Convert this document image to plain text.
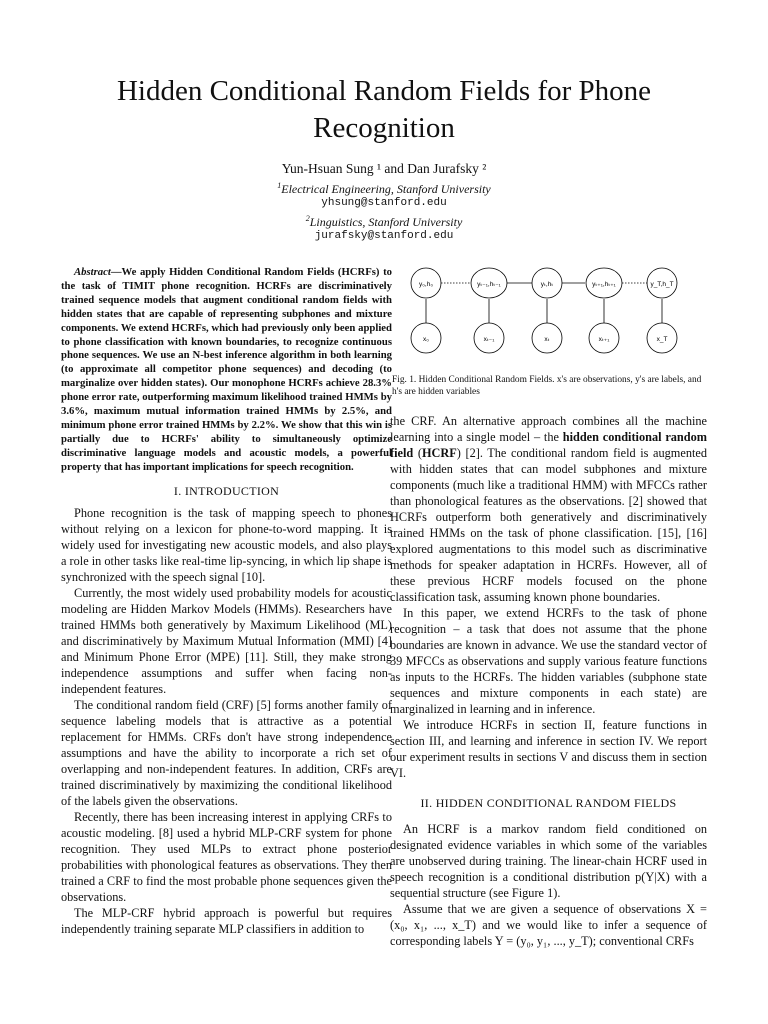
Hidden Conditional Random Fields for Phone Recognition
Yun-Hsuan Sung ¹ and Dan Jurafsky ²
$^1$Electrical Engineering, Stanford University
yhsung@stanford.edu
$^2$Linguistics, Stanford University
jurafsky@stanford.edu

Abstract—We apply Hidden Conditional Random Fields (HCRFs) to the task of TIMIT phone recognition. HCRFs are discriminatively trained sequence models that augment conditional random fields with hidden states that are capable of representing subphones and mixture components. We extend HCRFs, which had previously only been applied to phone classification with known boundaries, to recognize continuous phone sequences. We use an N-best inference algorithm in both learning (to approximate all competitor phone sequences) and decoding (to marginalize over hidden states). Our monophone HCRFs achieve 28.3% phone error rate, outperforming maximum likelihood trained HMMs by 3.6%, maximum mutual information trained HMMs by 2.5%, and minimum phone error trained HMMs by 2.2%. We show that this win is partially due to HCRFs' ability to simultaneously optimize discriminative language models and acoustic models, a powerful property that has important implications for speech recognition.

I. INTRODUCTION

Phone recognition is the task of mapping speech to phones without relying on a lexicon for phone-to-word mapping. It is widely used for investigating new acoustic models, and also plays a role in other tasks like real-time lip-syncing, in which lip shape is synchronized with the speech signal [10].

Currently, the most widely used probability models for acoustic modeling are Hidden Markov Models (HMMs). Researchers have trained HMMs both generatively by Maximum Likelihood (ML) and discriminatively by Maximum Mutual Information (MMI) [4] and Minimum Phone Error (MPE) [11]. Still, they make strong independence assumptions and suffer when facing non-independent features.

The conditional random field (CRF) [5] forms another family of sequence labeling models that is attractive as a potential replacement for HMMs. CRFs don't have strong independence assumptions and have the ability to incorporate a rich set of overlapping and non-independent features. In addition, CRFs are trained discriminatively by maximizing the conditional likelihood of the labels given the observations.

Recently, there has been increasing interest in applying CRFs to acoustic modeling. [8] used a hybrid MLP-CRF system for phone recognition. They used MLPs to extract phone posterior probabilities with phonological features as observations. They then trained a CRF to find the most probable phone sequences given the observations.

The MLP-CRF hybrid approach is powerful but requires independently training separate MLP classifiers in addition to

y₀,h₀	yₜ₋₁,hₜ₋₁	yₜ,hₜ	yₜ₊₁,hₜ₊₁	y_T,h_T
x₀	xₜ₋₁	xₜ	xₜ₊₁	x_T
Fig. 1. Hidden Conditional Random Fields. x's are observations, y's are labels, and h's are hidden variables

the CRF. An alternative approach combines all the machine learning into a single model – the hidden conditional random field (HCRF) [2]. The conditional random field is augmented with hidden states that can model subphones and mixture components (much like a traditional HMM) with MFCCs rather than phonological features as the observations. [2] showed that HCRFs outperform both generatively and discriminatively trained HMMs on the task of phone classification. [15], [16] explored augmentations to this model such as discriminative methods for speaker adaptation in HCRFs. However, all of these previous HCRF models focused on the phone classification task, assuming known phone boundaries.

In this paper, we extend HCRFs to the task of phone recognition – a task that does not assume that the phone boundaries are known in advance. We use the standard vector of 39 MFCCs as observations and supply various feature functions as inputs to the HCRFs. The hidden variables (subphone state sequences and mixture components in each state) are marginalized in learning and in inference.

We introduce HCRFs in section II, feature functions in section III, and learning and inference in section IV. We report our experiment results in sections V and discuss them in section VI.

II. HIDDEN CONDITIONAL RANDOM FIELDS

An HCRF is a markov random field conditioned on designated evidence variables in which some of the variables are unobserved during training. The linear-chain HCRF used in speech recognition is a conditional distribution p(Y|X) with a sequential structure (see Figure 1).

Assume that we are given a sequence of observations X = (x₀, x₁, ..., x_T) and we would like to infer a sequence of corresponding labels Y = (y₀, y₁, ..., y_T); conventional CRFs
